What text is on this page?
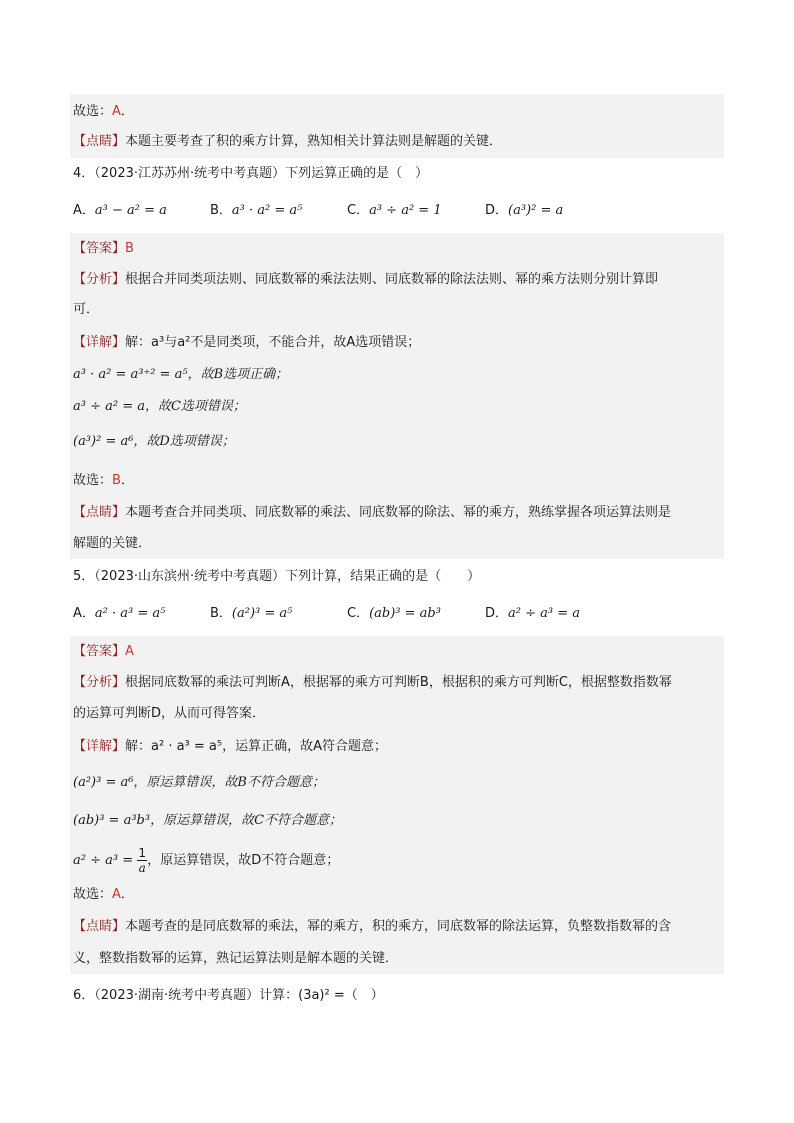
故选：A．
【点睛】本题主要考查了积的乘方计算，熟知相关计算法则是解题的关键．
4．（2023·江苏苏州·统考中考真题）下列运算正确的是（　）
A．a³ − a² = a	B．a³ · a² = a⁵	C．a³ ÷ a² = 1	D．(a³)² = a
【答案】B
【分析】根据合并同类项法则、同底数幂的乘法法则、同底数幂的除法法则、幂的乘方法则分别计算即
可．
【详解】解：a³与a²不是同类项，不能合并，故A选项错误；
a³ · a² = a³⁺² = a⁵，故B选项正确；
a³ ÷ a² = a，故C选项错误；
(a³)² = a⁶，故D选项错误；
故选：B．
【点睛】本题考查合并同类项、同底数幂的乘法、同底数幂的除法、幂的乘方，熟练掌握各项运算法则是
解题的关键．
5．（2023·山东滨州·统考中考真题）下列计算，结果正确的是（　　）
A．a² · a³ = a⁵	B．(a²)³ = a⁵	C．(ab)³ = ab³	D．a² ÷ a³ = a
【答案】A
【分析】根据同底数幂的乘法可判断A，根据幂的乘方可判断B，根据积的乘方可判断C，根据整数指数幂
的运算可判断D，从而可得答案．
【详解】解：a² · a³ = a⁵，运算正确，故A符合题意；
(a²)³ = a⁶，原运算错误，故B不符合题意；
(ab)³ = a³b³，原运算错误，故C不符合题意；
$a^2 \div a^3 = \frac{1}{a}$ ，原运算错误，故D不符合题意；
故选：A．
【点睛】本题考查的是同底数幂的乘法，幂的乘方，积的乘方，同底数幂的除法运算，负整数指数幂的含
义，整数指数幂的运算，熟记运算法则是解本题的关键．
6．（2023·湖南·统考中考真题）计算：(3a)² =（　）
